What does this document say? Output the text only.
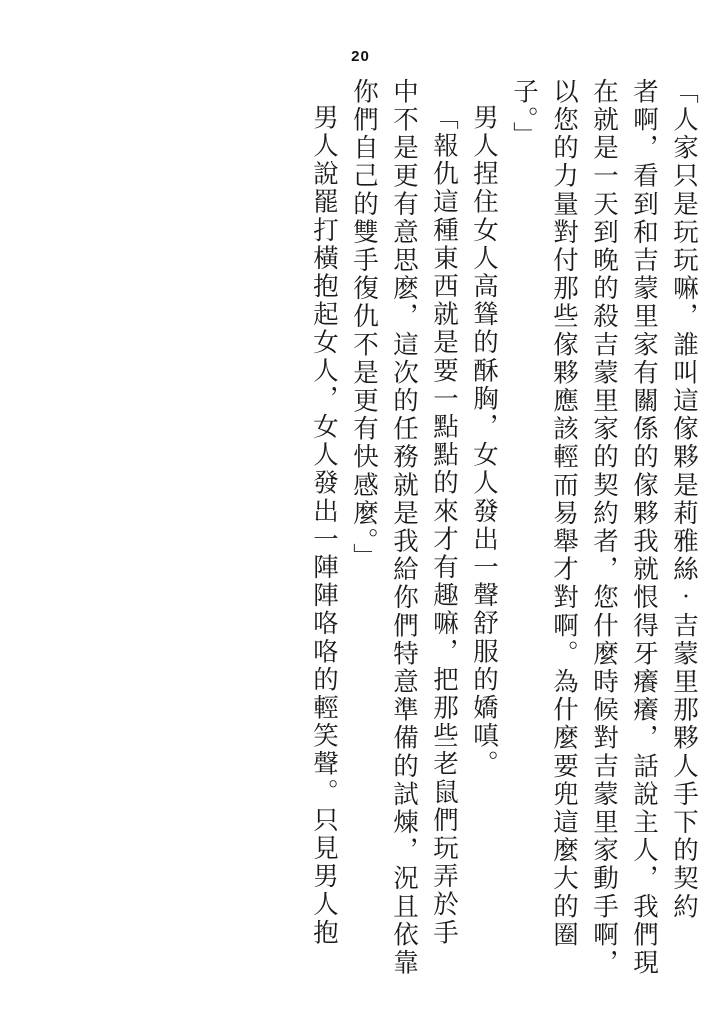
20
「人家只是玩玩嘛，誰叫這傢夥是莉雅絲‧吉蒙里那夥人手下的契約
者啊，看到和吉蒙里家有關係的傢夥我就恨得牙癢癢，話說主人，我們現
在就是一天到晚的殺吉蒙里家的契約者，您什麼時候對吉蒙里家動手啊，
以您的力量對付那些傢夥應該輕而易舉才對啊。為什麼要兜這麼大的圈
子。」
男人捏住女人高聳的酥胸，女人發出一聲舒服的嬌嗔。
「報仇這種東西就是要一點點的來才有趣嘛，把那些老鼠們玩弄於手
中不是更有意思麽，這次的任務就是我給你們特意準備的試煉，況且依靠
你們自己的雙手復仇不是更有快感麼。」
男人說罷打橫抱起女人，女人發出一陣陣咯咯的輕笑聲。只見男人抱
